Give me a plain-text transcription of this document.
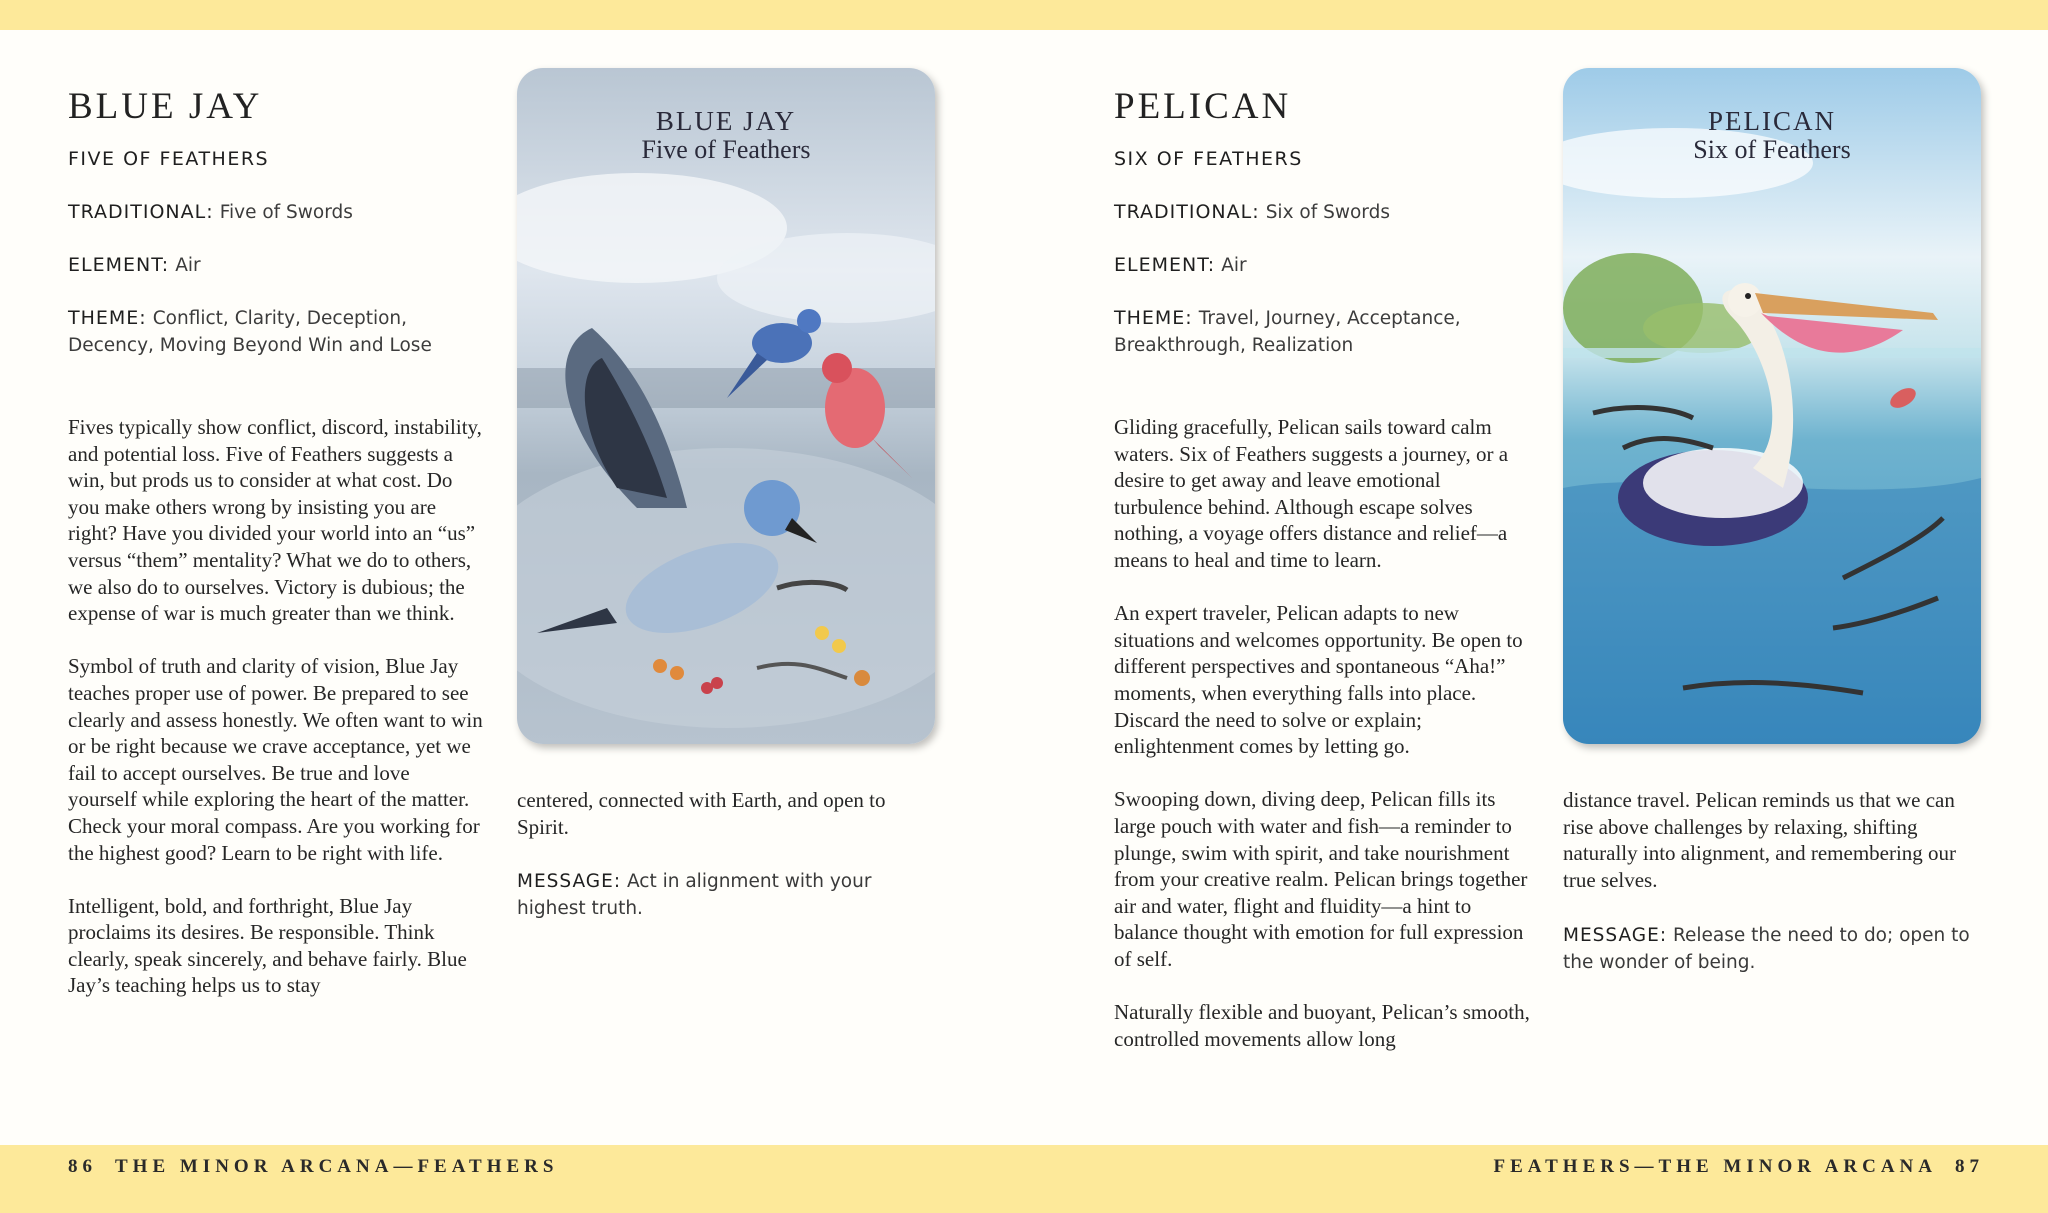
BLUE JAY
FIVE OF FEATHERS
TRADITIONAL: Five of Swords
ELEMENT: Air
THEME: Conflict, Clarity, Deception,
Decency, Moving Beyond Win and Lose

Fives typically show conflict, discord, instability, and potential loss. Five of Feathers suggests a win, but prods us to consider at what cost. Do you make others wrong by insisting you are right? Have you divided your world into an “us” versus “them” mentality? What we do to others, we also do to ourselves. Victory is dubious; the expense of war is much greater than we think.

Symbol of truth and clarity of vision, Blue Jay teaches proper use of power. Be prepared to see clearly and assess honestly. We often want to win or be right because we crave acceptance, yet we fail to accept ourselves. Be true and love yourself while exploring the heart of the matter. Check your moral compass. Are you working for the highest good? Learn to be right with life.

Intelligent, bold, and forthright, Blue Jay proclaims its desires. Be responsible. Think clearly, speak sincerely, and behave fairly. Blue Jay’s teaching helps us to stay

BLUE JAY
Five of Feathers
centered, connected with Earth, and open to Spirit.
MESSAGE: Act in alignment with your highest truth.
PELICAN
SIX OF FEATHERS
TRADITIONAL: Six of Swords
ELEMENT: Air
THEME: Travel, Journey, Acceptance,
Breakthrough, Realization

Gliding gracefully, Pelican sails toward calm waters. Six of Feathers suggests a journey, or a desire to get away and leave emotional turbulence behind. Although escape solves nothing, a voyage offers distance and relief—a means to heal and time to learn.

An expert traveler, Pelican adapts to new situations and welcomes opportunity. Be open to different perspectives and spontaneous “Aha!” moments, when everything falls into place. Discard the need to solve or explain; enlightenment comes by letting go.

Swooping down, diving deep, Pelican fills its large pouch with water and fish—a reminder to plunge, swim with spirit, and take nourishment from your creative realm. Pelican brings together air and water, flight and fluidity—a hint to balance thought with emotion for full expression of self.

Naturally flexible and buoyant, Pelican’s smooth, controlled movements allow long

PELICAN
Six of Feathers
distance travel. Pelican reminds us that we can rise above challenges by relaxing, shifting naturally into alignment, and remembering our true selves.
MESSAGE: Release the need to do; open to the wonder of being.
86 THE MINOR ARCANA—FEATHERS	FEATHERS—THE MINOR ARCANA 87
